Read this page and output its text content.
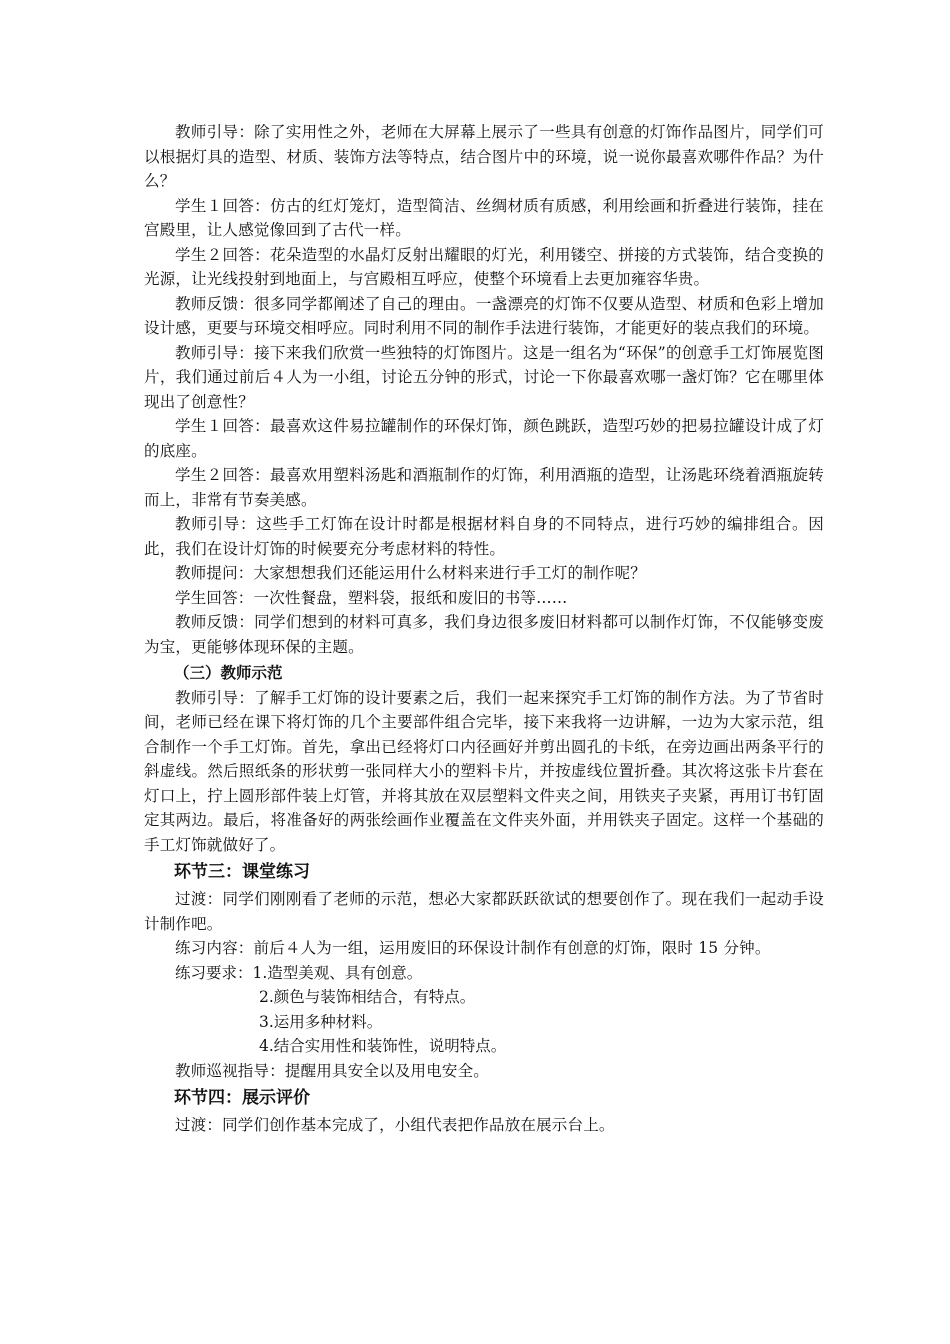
教师引导：除了实用性之外，老师在大屏幕上展示了一些具有创意的灯饰作品图片，同学们可以根据灯具的造型、材质、装饰方法等特点，结合图片中的环境，说一说你最喜欢哪件作品？为什么？

学生１回答：仿古的红灯笼灯，造型简洁、丝绸材质有质感，利用绘画和折叠进行装饰，挂在宫殿里，让人感觉像回到了古代一样。

学生２回答：花朵造型的水晶灯反射出耀眼的灯光，利用镂空、拼接的方式装饰，结合变换的光源，让光线投射到地面上，与宫殿相互呼应，使整个环境看上去更加雍容华贵。

教师反馈：很多同学都阐述了自己的理由。一盏漂亮的灯饰不仅要从造型、材质和色彩上增加设计感，更要与环境交相呼应。同时利用不同的制作手法进行装饰，才能更好的装点我们的环境。

教师引导：接下来我们欣赏一些独特的灯饰图片。这是一组名为“环保”的创意手工灯饰展览图片，我们通过前后４人为一小组，讨论五分钟的形式，讨论一下你最喜欢哪一盏灯饰？它在哪里体现出了创意性？

学生１回答：最喜欢这件易拉罐制作的环保灯饰，颜色跳跃，造型巧妙的把易拉罐设计成了灯的底座。

学生２回答：最喜欢用塑料汤匙和酒瓶制作的灯饰，利用酒瓶的造型，让汤匙环绕着酒瓶旋转而上，非常有节奏美感。

教师引导：这些手工灯饰在设计时都是根据材料自身的不同特点，进行巧妙的编排组合。因此，我们在设计灯饰的时候要充分考虑材料的特性。

教师提问：大家想想我们还能运用什么材料来进行手工灯的制作呢？

学生回答：一次性餐盘，塑料袋，报纸和废旧的书等……

教师反馈：同学们想到的材料可真多，我们身边很多废旧材料都可以制作灯饰，不仅能够变废为宝，更能够体现环保的主题。

（三）教师示范

教师引导：了解手工灯饰的设计要素之后，我们一起来探究手工灯饰的制作方法。为了节省时间，老师已经在课下将灯饰的几个主要部件组合完毕，接下来我将一边讲解，一边为大家示范，组合制作一个手工灯饰。首先，拿出已经将灯口内径画好并剪出圆孔的卡纸，在旁边画出两条平行的斜虚线。然后照纸条的形状剪一张同样大小的塑料卡片，并按虚线位置折叠。其次将这张卡片套在灯口上，拧上圆形部件装上灯管，并将其放在双层塑料文件夹之间，用铁夹子夹紧，再用订书钉固定其两边。最后，将准备好的两张绘画作业覆盖在文件夹外面，并用铁夹子固定。这样一个基础的手工灯饰就做好了。

环节三：课堂练习

过渡：同学们刚刚看了老师的示范，想必大家都跃跃欲试的想要创作了。现在我们一起动手设计制作吧。

练习内容：前后４人为一组，运用废旧的环保设计制作有创意的灯饰，限时 15 分钟。

练习要求：1.造型美观、具有创意。

2.颜色与装饰相结合，有特点。

3.运用多种材料。

4.结合实用性和装饰性，说明特点。

教师巡视指导：提醒用具安全以及用电安全。

环节四：展示评价

过渡：同学们创作基本完成了，小组代表把作品放在展示台上。
